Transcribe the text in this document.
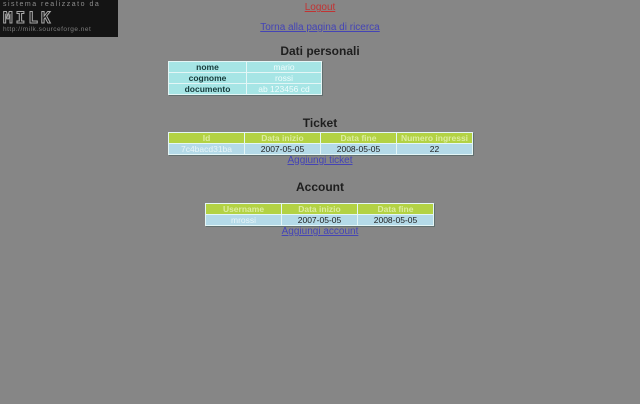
sistema realizzato da
MILK
http://milk.sourceforge.net
Logout
Torna alla pagina di ricerca
Dati personali
nome	mario
cognome	rossi
documento	ab 123456 cd
Ticket
Id	Data inizio	Data fine	Numero ingressi
7c4bacd31ba	2007-05-05	2008-05-05	22
Aggiungi ticket
Account
Username	Data inizio	Data fine
mrossi	2007-05-05	2008-05-05
Aggiungi account
